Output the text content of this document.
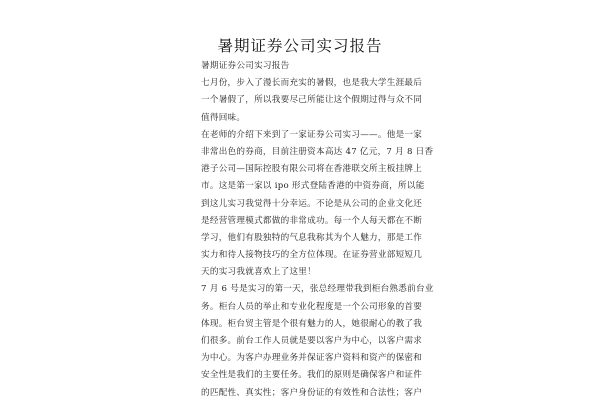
暑期证券公司实习报告
暑期证券公司实习报告
七月份，步入了漫长而充实的暑假，也是我大学生涯最后
一个暑假了，所以我要尽己所能让这个假期过得与众不同
值得回味。
在老师的介绍下来到了一家证券公司实习——。他是一家
非常出色的券商，目前注册资本高达 47 亿元，7 月 8 日香
港子公司—国际控股有限公司将在香港联交所主板挂牌上
市。这是第一家以 ipo 形式登陆香港的中资券商，所以能
到这儿实习我觉得十分幸运。不论是从公司的企业文化还
是经营管理模式都做的非常成功。每一个人每天都在不断
学习，他们有股独特的气息我称其为个人魅力，那是工作
实力和待人接物技巧的全方位体现。在证券营业部短短几
天的实习我就喜欢上了这里！
7 月 6 号是实习的第一天，张总经理带我到柜台熟悉前台业
务。柜台人员的举止和专业化程度是一个公司形象的首要
体现。柜台贸主管是个很有魅力的人，她很耐心的教了我
们很多。前台工作人员就是要以客户为中心，以客户需求
为中心。为客户办理业务并保证客户资料和资产的保密和
安全性是我们的主要任务。我们的原则是确保客户和证件
的匹配性、真实性；客户身份证的有效性和合法性；客户
